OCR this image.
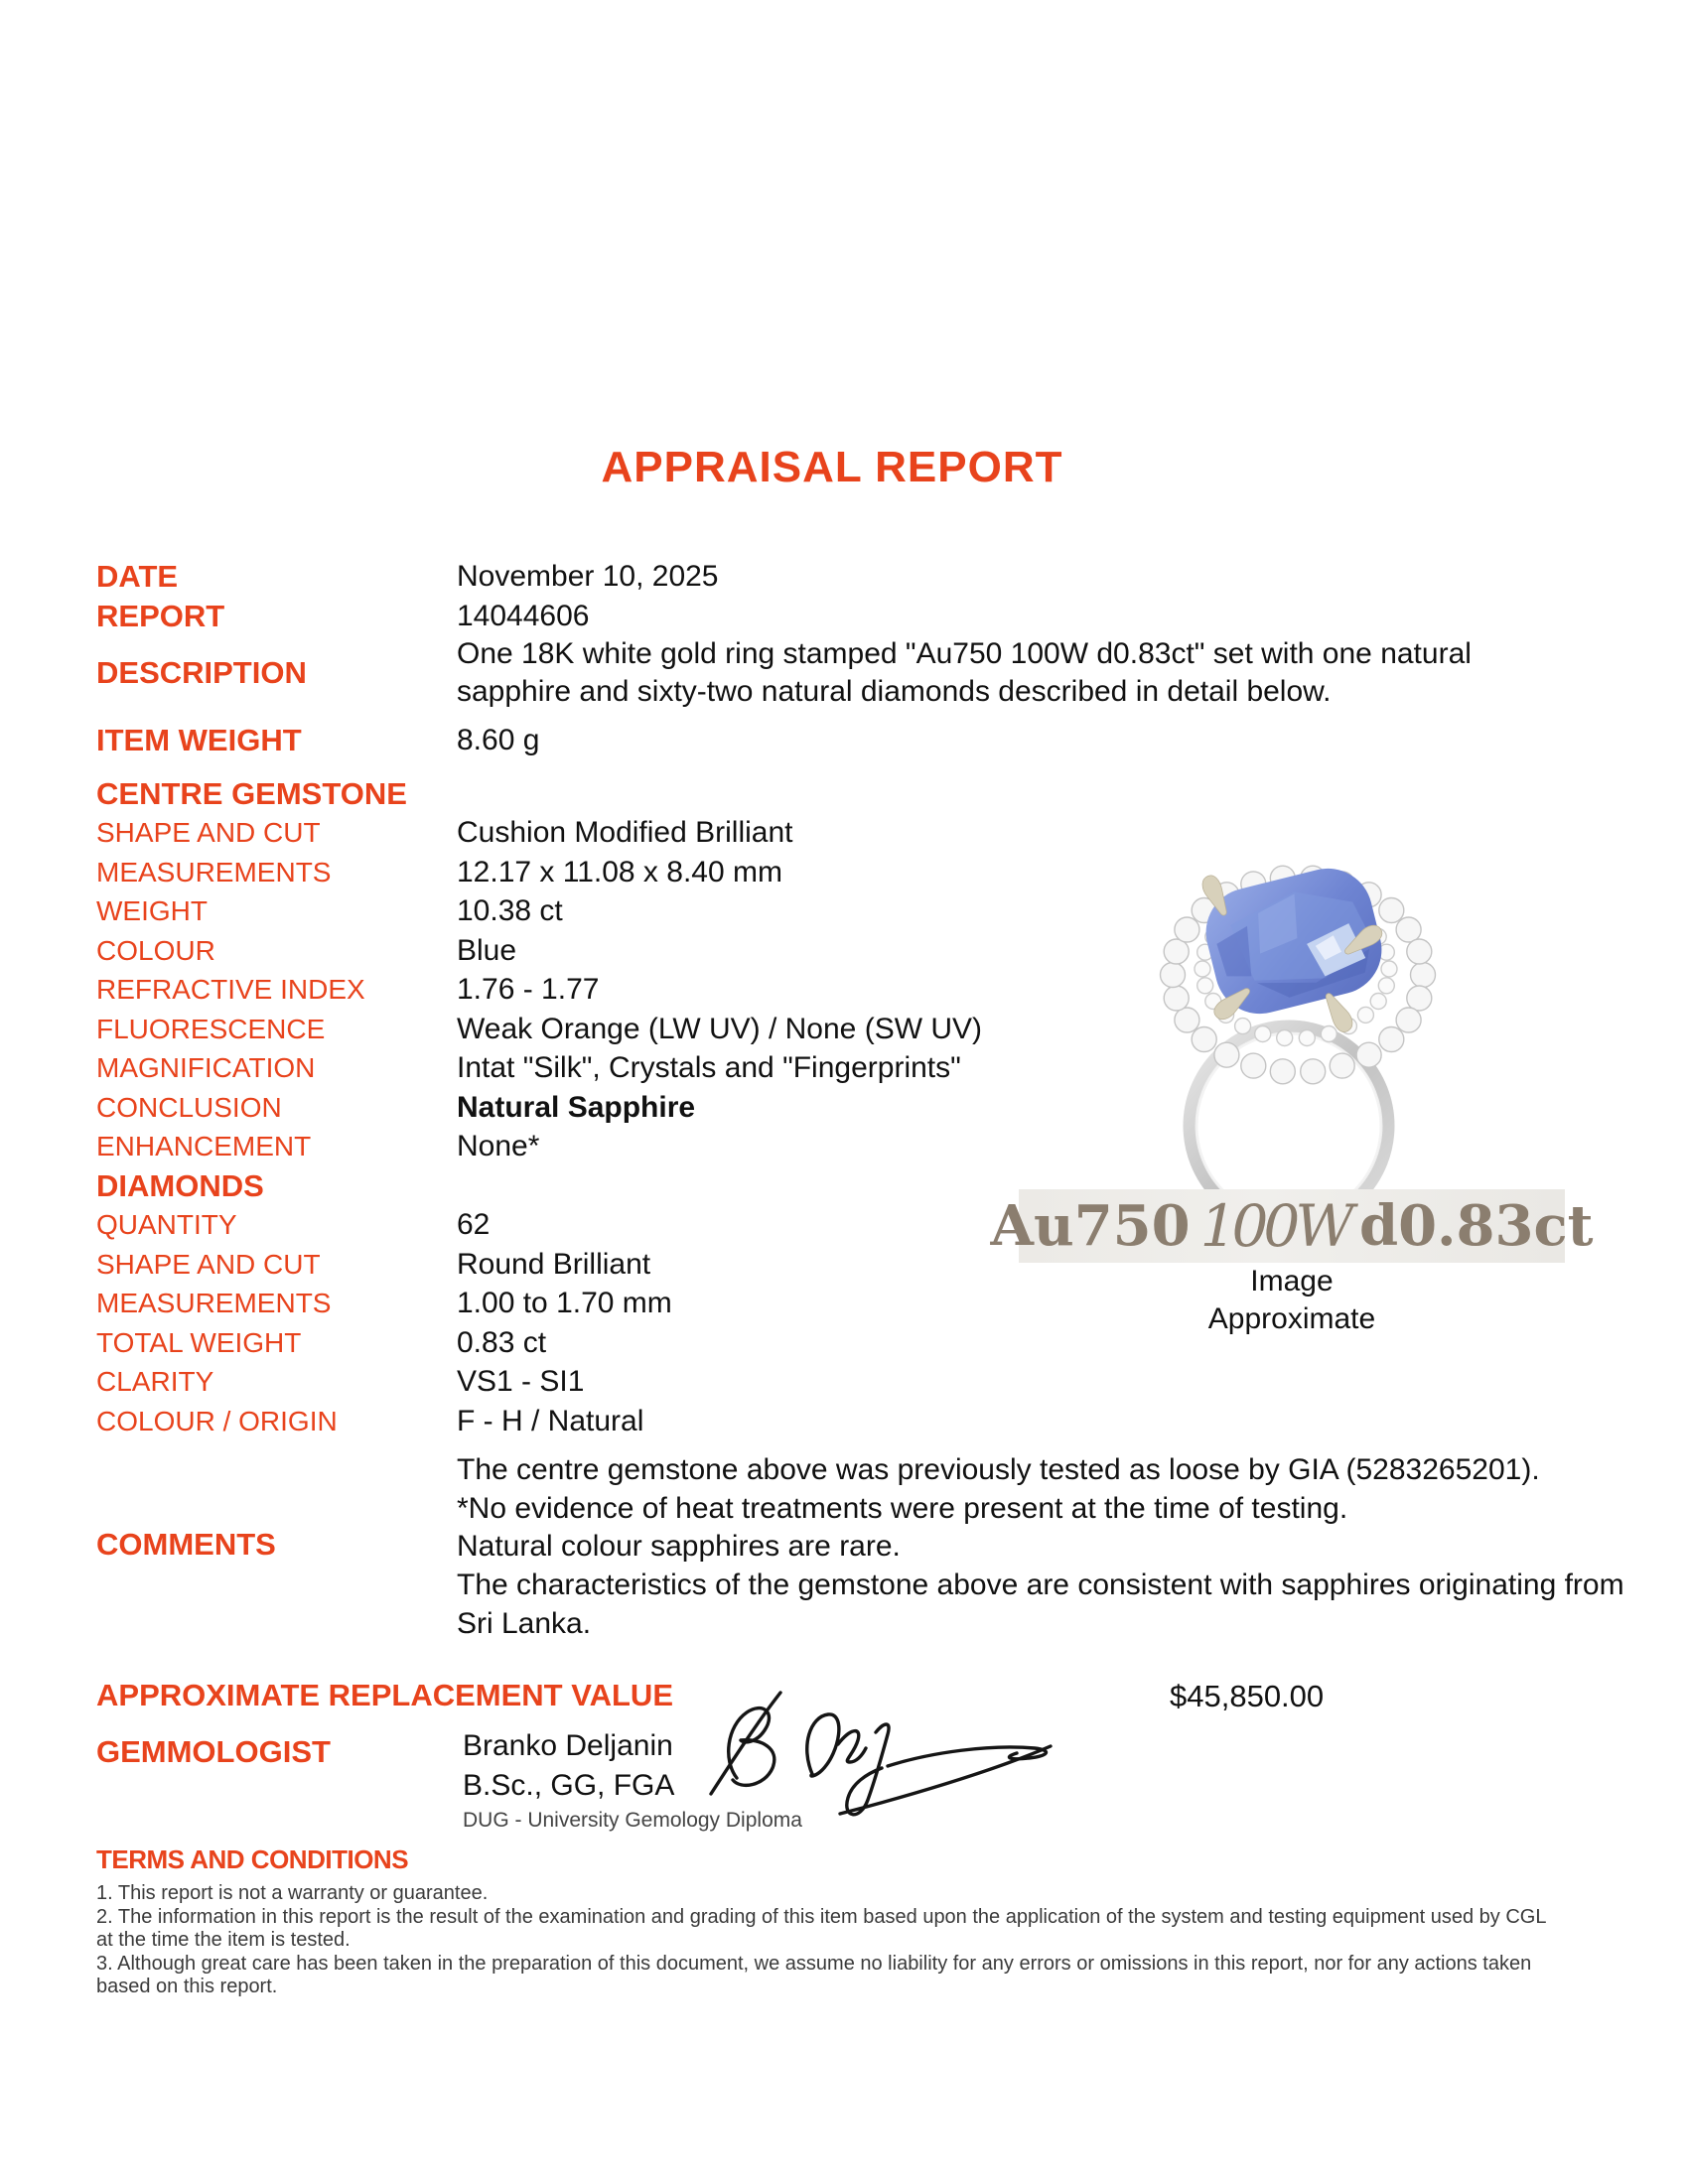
APPRAISAL REPORT
DATE	November 10, 2025
REPORT	14044606
DESCRIPTION
One 18K white gold ring stamped "Au750 100W d0.83ct" set with one natural sapphire and sixty-two natural diamonds described in detail below.
ITEM WEIGHT	8.60 g
CENTRE GEMSTONE
SHAPE AND CUT	Cushion Modified Brilliant
MEASUREMENTS	12.17 x 11.08 x 8.40 mm
WEIGHT	10.38 ct
COLOUR	Blue
REFRACTIVE INDEX	1.76 - 1.77
FLUORESCENCE	Weak Orange (LW UV) / None (SW UV)
MAGNIFICATION	Intat "Silk", Crystals and "Fingerprints"
CONCLUSION	Natural Sapphire
ENHANCEMENT	None*
DIAMONDS
QUANTITY	62
SHAPE AND CUT	Round Brilliant
MEASUREMENTS	1.00 to 1.70 mm
TOTAL WEIGHT	0.83 ct
CLARITY	VS1 - SI1
COLOUR / ORIGIN	F - H / Natural
COMMENTS
The centre gemstone above was previously tested as loose by GIA (5283265201).
*No evidence of heat treatments were present at the time of testing.
Natural colour sapphires are rare.
The characteristics of the gemstone above are consistent with sapphires originating from Sri Lanka.
APPROXIMATE REPLACEMENT VALUE	$45,850.00
GEMMOLOGIST	Branko Deljanin
B.Sc., GG, FGA
DUG - University Gemology Diploma
TERMS AND CONDITIONS
1. This report is not a warranty or guarantee.
2. The information in this report is the result of the examination and grading of this item based upon the application of the system and testing equipment used by CGL at the time the item is tested.
3. Although great care has been taken in the preparation of this document, we assume no liability for any errors or omissions in this report, nor for any actions taken based on this report.
Au750 100W d0.83ct
Image
Approximate
